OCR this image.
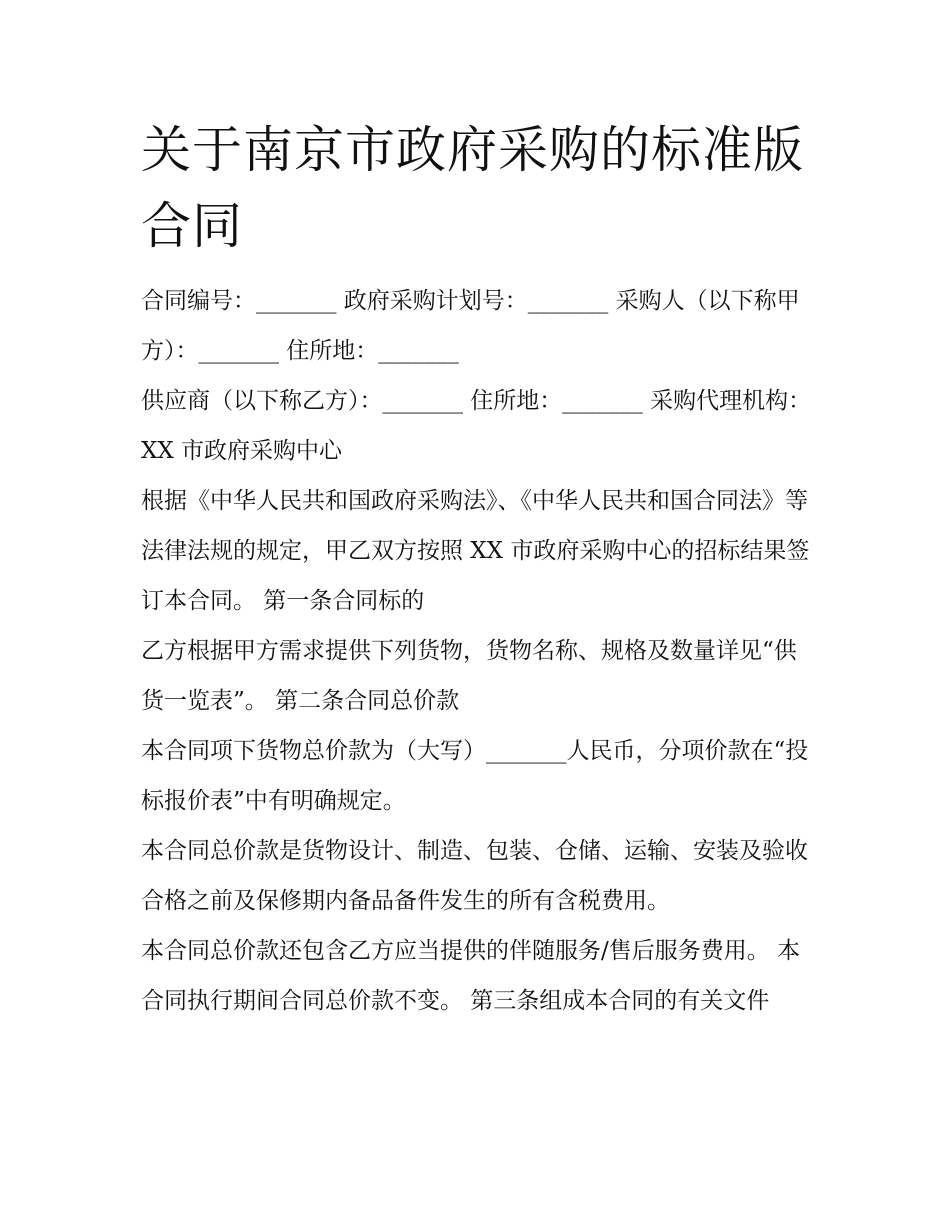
关于南京市政府采购的标准版合同

合同编号：_______ 政府采购计划号：_______ 采购人（以下称甲方）：_______ 住所地：_______

供应商（以下称乙方）：_______ 住所地：_______ 采购代理机构：XX 市政府采购中心

根据《中华人民共和国政府采购法》、《中华人民共和国合同法》等法律法规的规定，甲乙双方按照 XX 市政府采购中心的招标结果签订本合同。 第一条合同标的

乙方根据甲方需求提供下列货物，货物名称、规格及数量详见“供货一览表”。 第二条合同总价款

本合同项下货物总价款为（大写）_______人民币，分项价款在“投标报价表”中有明确规定。

本合同总价款是货物设计、制造、包装、仓储、运输、安装及验收合格之前及保修期内备品备件发生的所有含税费用。

本合同总价款还包含乙方应当提供的伴随服务/售后服务费用。 本合同执行期间合同总价款不变。 第三条组成本合同的有关文件
